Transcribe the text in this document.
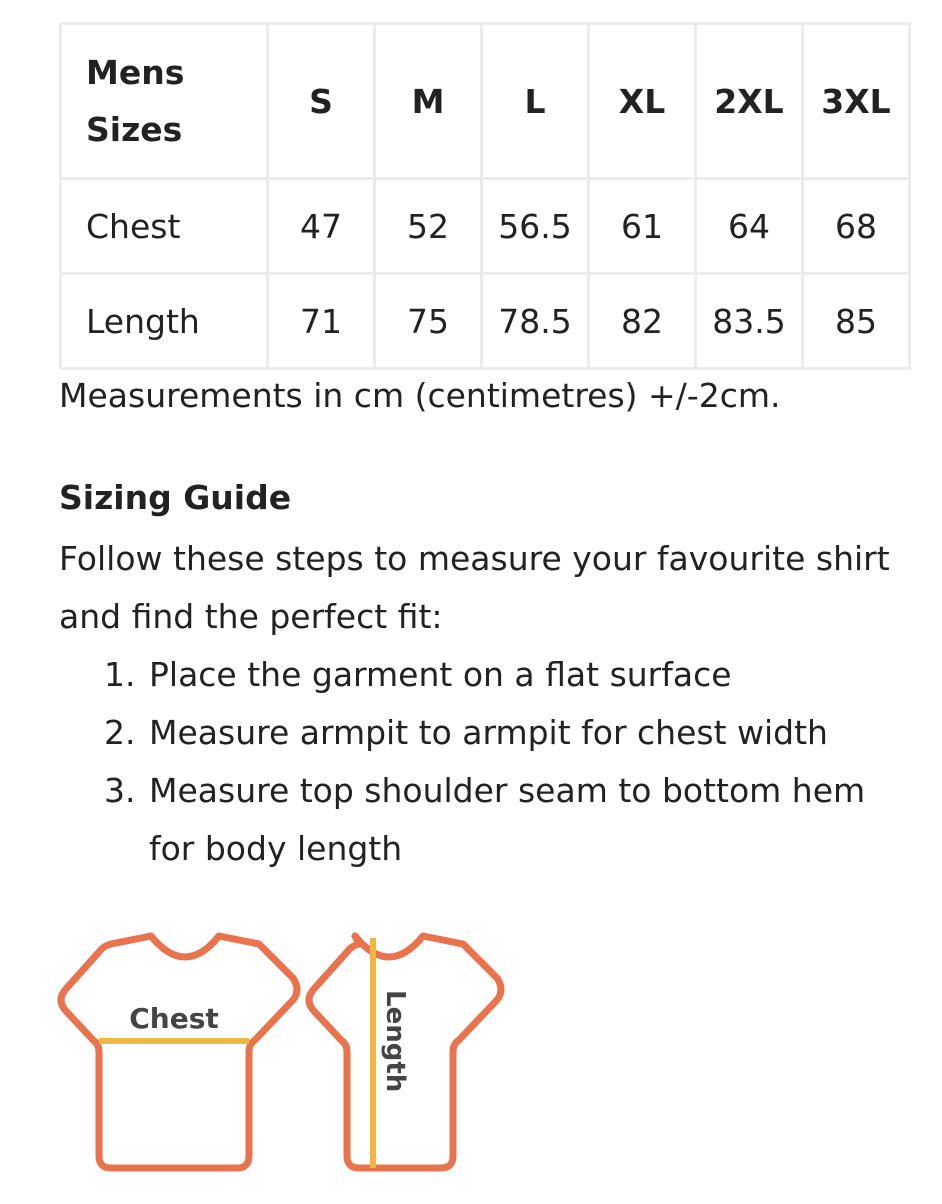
Mens
Sizes	S	M	L	XL	2XL	3XL
Chest	47	52	56.5	61	64	68
Length	71	75	78.5	82	83.5	85
Measurements in cm (centimetres) +/-2cm.
Sizing Guide
Follow these steps to measure your favourite shirt and find the perfect fit:
1. Place the garment on a flat surface
2. Measure armpit to armpit for chest width
3. Measure top shoulder seam to bottom hem for body length
Chest	Length
